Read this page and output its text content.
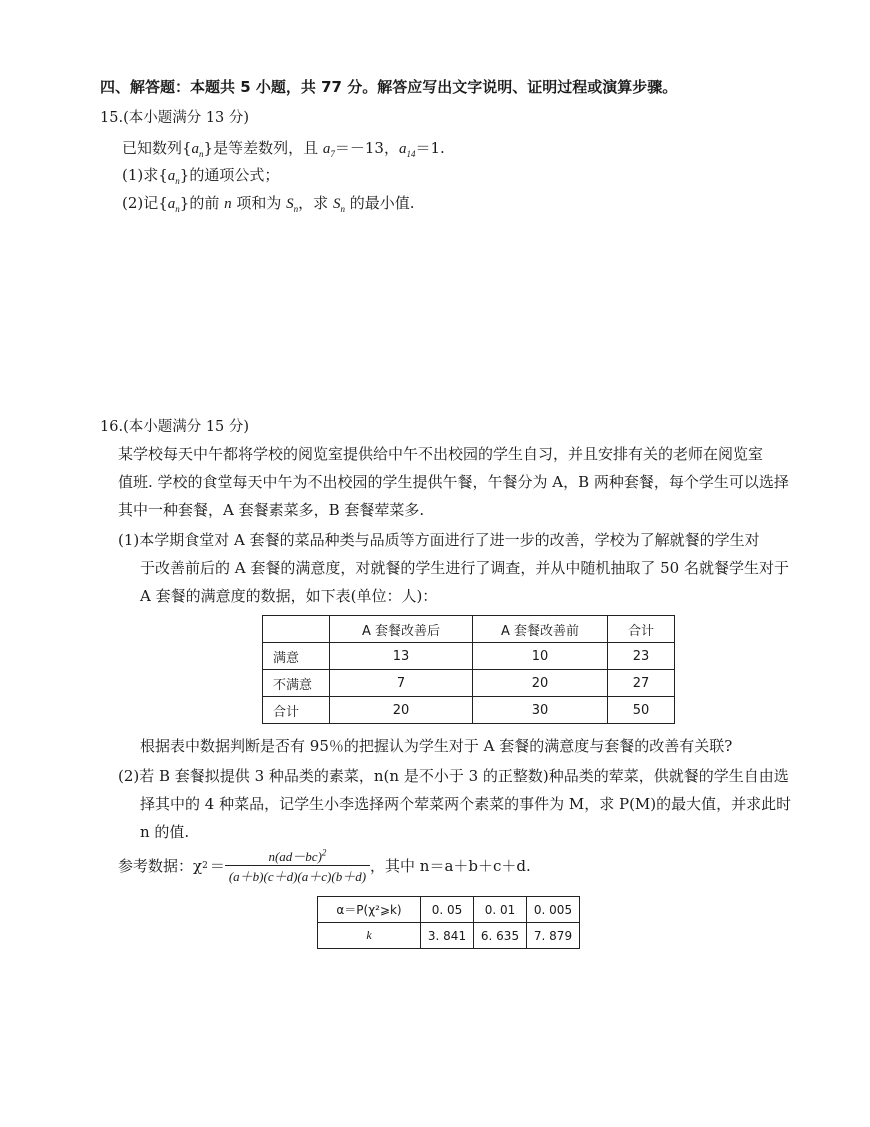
四、解答题：本题共 5 小题，共 77 分。解答应写出文字说明、证明过程或演算步骤。
15.(本小题满分 13 分)
已知数列$\{a_n\}$是等差数列，且 $a_7=-13$，$a_{14}=1$.
(1)求$\{a_n\}$的通项公式；
(2)记$\{a_n\}$的前 n 项和为 $S_n$，求 $S_n$ 的最小值.
16.(本小题满分 15 分)
某学校每天中午都将学校的阅览室提供给中午不出校园的学生自习，并且安排有关的老师在阅览室
值班. 学校的食堂每天中午为不出校园的学生提供午餐，午餐分为 A，B 两种套餐，每个学生可以选择
其中一种套餐，A 套餐素菜多，B 套餐荤菜多.
(1)本学期食堂对 A 套餐的菜品种类与品质等方面进行了进一步的改善，学校为了解就餐的学生对
于改善前后的 A 套餐的满意度，对就餐的学生进行了调查，并从中随机抽取了 50 名就餐学生对于
A 套餐的满意度的数据，如下表(单位：人)：
	A 套餐改善后	A 套餐改善前	合计
满意	13	10	23
不满意	7	20	27
合计	20	30	50
根据表中数据判断是否有 95％的把握认为学生对于 A 套餐的满意度与套餐的改善有关联?
(2)若 B 套餐拟提供 3 种品类的素菜，n(n 是不小于 3 的正整数)种品类的荤菜，供就餐的学生自由选
择其中的 4 种菜品，记学生小李选择两个荤菜两个素菜的事件为 M，求 P(M)的最大值，并求此时
n 的值.
参考数据：χ $2 = \frac{n(ad-bc)^2}{(a+b)(c+d)(a+c)(b+d)}$ ，其中 n＝a＋b＋c＋d.
α＝P(χ²⩾k)	0. 05	0. 01	0. 005
k	3. 841	6. 635	7. 879
